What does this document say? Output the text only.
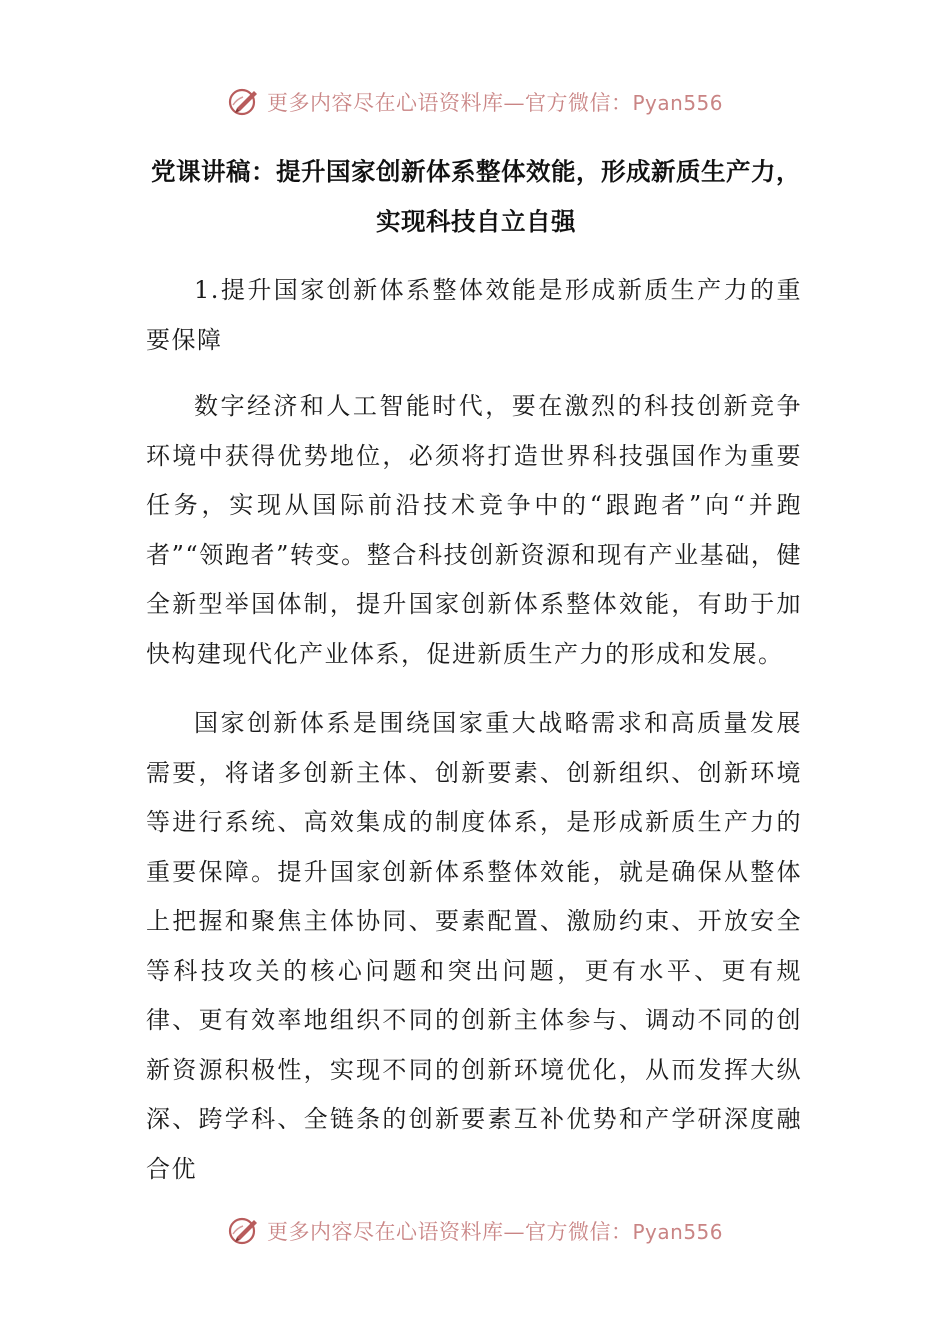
更多内容尽在心语资料库—官方微信：Pyan556
党课讲稿：提升国家创新体系整体效能，形成新质生产力，实现科技自立自强
1.提升国家创新体系整体效能是形成新质生产力的重要保障
数字经济和人工智能时代，要在激烈的科技创新竞争环境中获得优势地位，必须将打造世界科技强国作为重要任务，实现从国际前沿技术竞争中的“跟跑者”向“并跑者”“领跑者”转变。整合科技创新资源和现有产业基础，健全新型举国体制，提升国家创新体系整体效能，有助于加快构建现代化产业体系，促进新质生产力的形成和发展。
国家创新体系是围绕国家重大战略需求和高质量发展需要，将诸多创新主体、创新要素、创新组织、创新环境等进行系统、高效集成的制度体系，是形成新质生产力的重要保障。提升国家创新体系整体效能，就是确保从整体上把握和聚焦主体协同、要素配置、激励约束、开放安全等科技攻关的核心问题和突出问题，更有水平、更有规律、更有效率地组织不同的创新主体参与、调动不同的创新资源积极性，实现不同的创新环境优化，从而发挥大纵深、跨学科、全链条的创新要素互补优势和产学研深度融合优
更多内容尽在心语资料库—官方微信：Pyan556
